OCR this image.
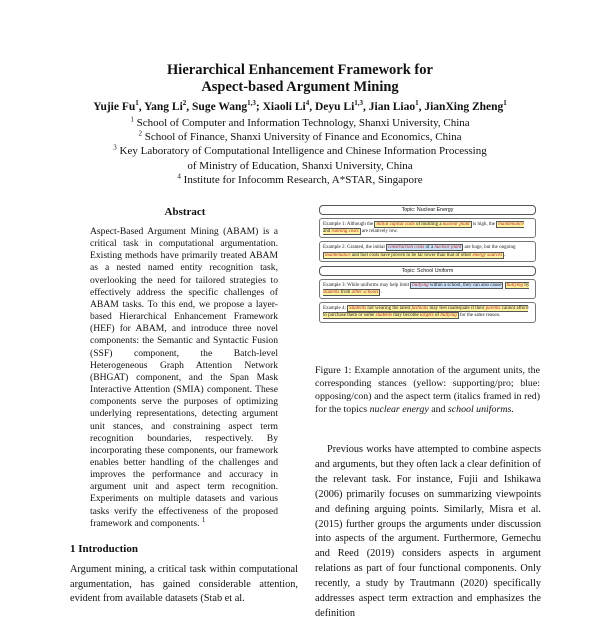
Hierarchical Enhancement Framework for
Aspect-based Argument Mining
Yujie Fu$^1$, Yang Li$^2$, Suge Wang$^{1,3}$; Xiaoli Li$^4$, Deyu Li$^{1,3}$, Jian Liao$^1$, JianXing Zheng$^1$
$^1$ School of Computer and Information Technology, Shanxi University, China
$^2$ School of Finance, Shanxi University of Finance and Economics, China
$^3$ Key Laboratory of Computational Intelligence and Chinese Information Processing
of Ministry of Education, Shanxi University, China
$^4$ Institute for Infocomm Research, A*STAR, Singapore
Abstract
Aspect-Based Argument Mining (ABAM) is a critical task in computational argumentation. Existing methods have primarily treated ABAM as a nested named entity recognition task, overlooking the need for tailored strategies to effectively address the specific challenges of ABAM tasks. To this end, we propose a layer-based Hierarchical Enhancement Framework (HEF) for ABAM, and introduce three novel components: the Semantic and Syntactic Fusion (SSF) component, the Batch-level Heterogeneous Graph Attention Network (BHGAT) component, and the Span Mask Interactive Attention (SMIA) component. These components serve the purposes of optimizing underlying representations, detecting argument unit stances, and constraining aspect term recognition boundaries, respectively. By incorporating these components, our framework enables better handling of the challenges and improves the performance and accuracy in argument unit and aspect term recognition. Experiments on multiple datasets and various tasks verify the effectiveness of the proposed framework and components. $^1$
1 Introduction
Argument mining, a critical task within computational argumentation, has gained considerable attention, evident from available datasets (Stab et al.
Topic: Nuclear Energy
Example 1: Although the initial capital costs of building a nuclear plant is high, the maintenance and running costs are relatively low.
Example 2: Granted, the initial construction costs of a nuclear plant are huge, but the ongoing maintenance and fuel costs have proven to be far lower than that of other energy sources .
Topic: School Uniform
Example 3: While uniforms may help limit bullying within a school, they can also cause bullying by students from other schools .
Example 4: Students not wearing the latest fashions may feel inadequate if their parents cannot afford to purchase them or some students may become targets of bullying for the same reason.
Figure 1: Example annotation of the argument units, the corresponding stances (yellow: supporting/pro; blue: opposing/con) and the aspect term (italics framed in red) for the topics nuclear energy and school uniforms.
Previous works have attempted to combine aspects and arguments, but they often lack a clear definition of the relevant task. For instance, Fujii and Ishikawa (2006) primarily focuses on summarizing viewpoints and defining arguing points. Similarly, Misra et al. (2015) further groups the arguments under discussion into aspects of the argument. Furthermore, Gemechu and Reed (2019) considers aspects in argument relations as part of four functional components. Only recently, a study by Trautmann (2020) specifically addresses aspect term extraction and emphasizes the definition
